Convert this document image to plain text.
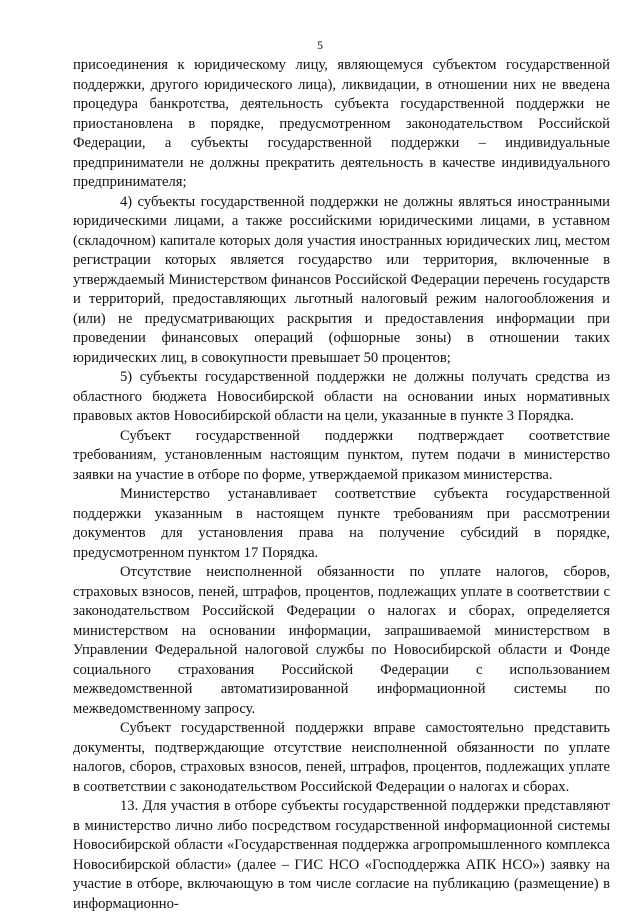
5

присоединения к юридическому лицу, являющемуся субъектом государственной поддержки, другого юридического лица), ликвидации, в отношении них не введена процедура банкротства, деятельность субъекта государственной поддержки не приостановлена в порядке, предусмотренном законодательством Российской Федерации, а субъекты государственной поддержки – индивидуальные предприниматели не должны прекратить деятельность в качестве индивидуального предпринимателя;

4) субъекты государственной поддержки не должны являться иностранными юридическими лицами, а также российскими юридическими лицами, в уставном (складочном) капитале которых доля участия иностранных юридических лиц, местом регистрации которых является государство или территория, включенные в утверждаемый Министерством финансов Российской Федерации перечень государств и территорий, предоставляющих льготный налоговый режим налогообложения и (или) не предусматривающих раскрытия и предоставления информации при проведении финансовых операций (офшорные зоны) в отношении таких юридических лиц, в совокупности превышает 50 процентов;

5) субъекты государственной поддержки не должны получать средства из областного бюджета Новосибирской области на основании иных нормативных правовых актов Новосибирской области на цели, указанные в пункте 3 Порядка.

Субъект государственной поддержки подтверждает соответствие требованиям, установленным настоящим пунктом, путем подачи в министерство заявки на участие в отборе по форме, утверждаемой приказом министерства.

Министерство устанавливает соответствие субъекта государственной поддержки указанным в настоящем пункте требованиям при рассмотрении документов для установления права на получение субсидий в порядке, предусмотренном пунктом 17 Порядка.

Отсутствие неисполненной обязанности по уплате налогов, сборов, страховых взносов, пеней, штрафов, процентов, подлежащих уплате в соответствии с законодательством Российской Федерации о налогах и сборах, определяется министерством на основании информации, запрашиваемой министерством в Управлении Федеральной налоговой службы по Новосибирской области и Фонде социального страхования Российской Федерации с использованием межведомственной автоматизированной информационной системы по межведомственному запросу.

Субъект государственной поддержки вправе самостоятельно представить документы, подтверждающие отсутствие неисполненной обязанности по уплате налогов, сборов, страховых взносов, пеней, штрафов, процентов, подлежащих уплате в соответствии с законодательством Российской Федерации о налогах и сборах.

13. Для участия в отборе субъекты государственной поддержки представляют в министерство лично либо посредством государственной информационной системы Новосибирской области «Государственная поддержка агропромышленного комплекса Новосибирской области» (далее – ГИС НСО «Господдержка АПК НСО») заявку на участие в отборе, включающую в том числе согласие на публикацию (размещение) в информационно-
